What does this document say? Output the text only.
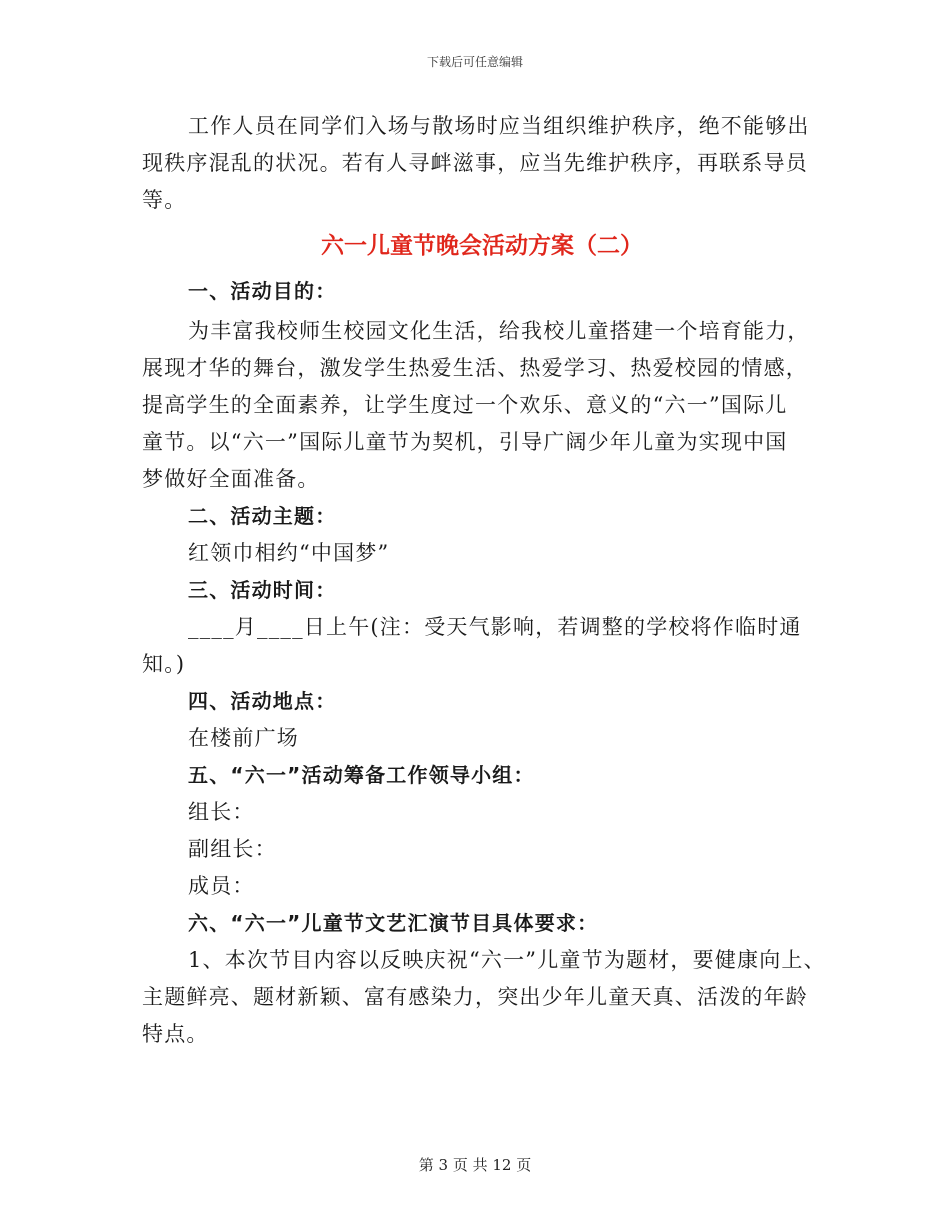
下载后可任意编辑
工作人员在同学们入场与散场时应当组织维护秩序，绝不能够出
现秩序混乱的状况。若有人寻衅滋事，应当先维护秩序，再联系导员
等。
六一儿童节晚会活动方案（二）
一、活动目的：
为丰富我校师生校园文化生活，给我校儿童搭建一个培育能力，
展现才华的舞台，激发学生热爱生活、热爱学习、热爱校园的情感，
提高学生的全面素养，让学生度过一个欢乐、意义的“六一”国际儿
童节。以“六一”国际儿童节为契机，引导广阔少年儿童为实现中国
梦做好全面准备。
二、活动主题：
红领巾相约“中国梦”
三、活动时间：
____月____日上午(注：受天气影响，若调整的学校将作临时通
知。)
四、活动地点：
在楼前广场
五、“六一”活动筹备工作领导小组：
组长：
副组长：
成员：
六、“六一”儿童节文艺汇演节目具体要求：
1、本次节目内容以反映庆祝“六一”儿童节为题材，要健康向上、
主题鲜亮、题材新颖、富有感染力，突出少年儿童天真、活泼的年龄
特点。
第 3 页 共 12 页
